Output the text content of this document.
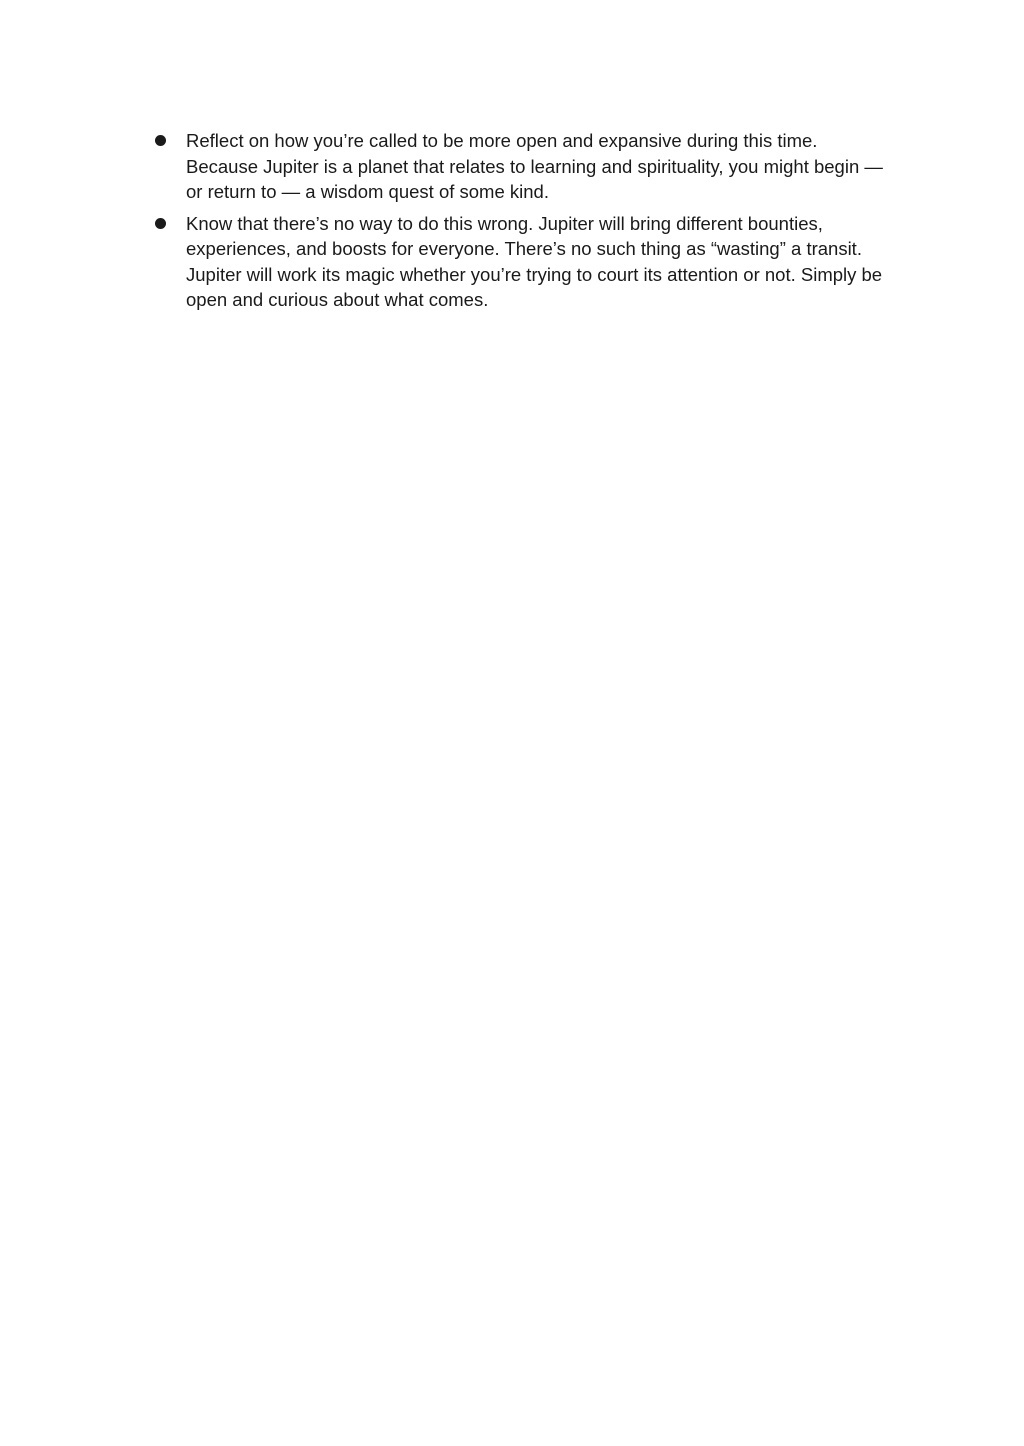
Reflect on how you’re called to be more open and expansive during this time.
Because Jupiter is a planet that relates to learning and spirituality, you might begin —
or return to — a wisdom quest of some kind.
Know that there’s no way to do this wrong. Jupiter will bring different bounties,
experiences, and boosts for everyone. There’s no such thing as “wasting” a transit.
Jupiter will work its magic whether you’re trying to court its attention or not. Simply be
open and curious about what comes.
